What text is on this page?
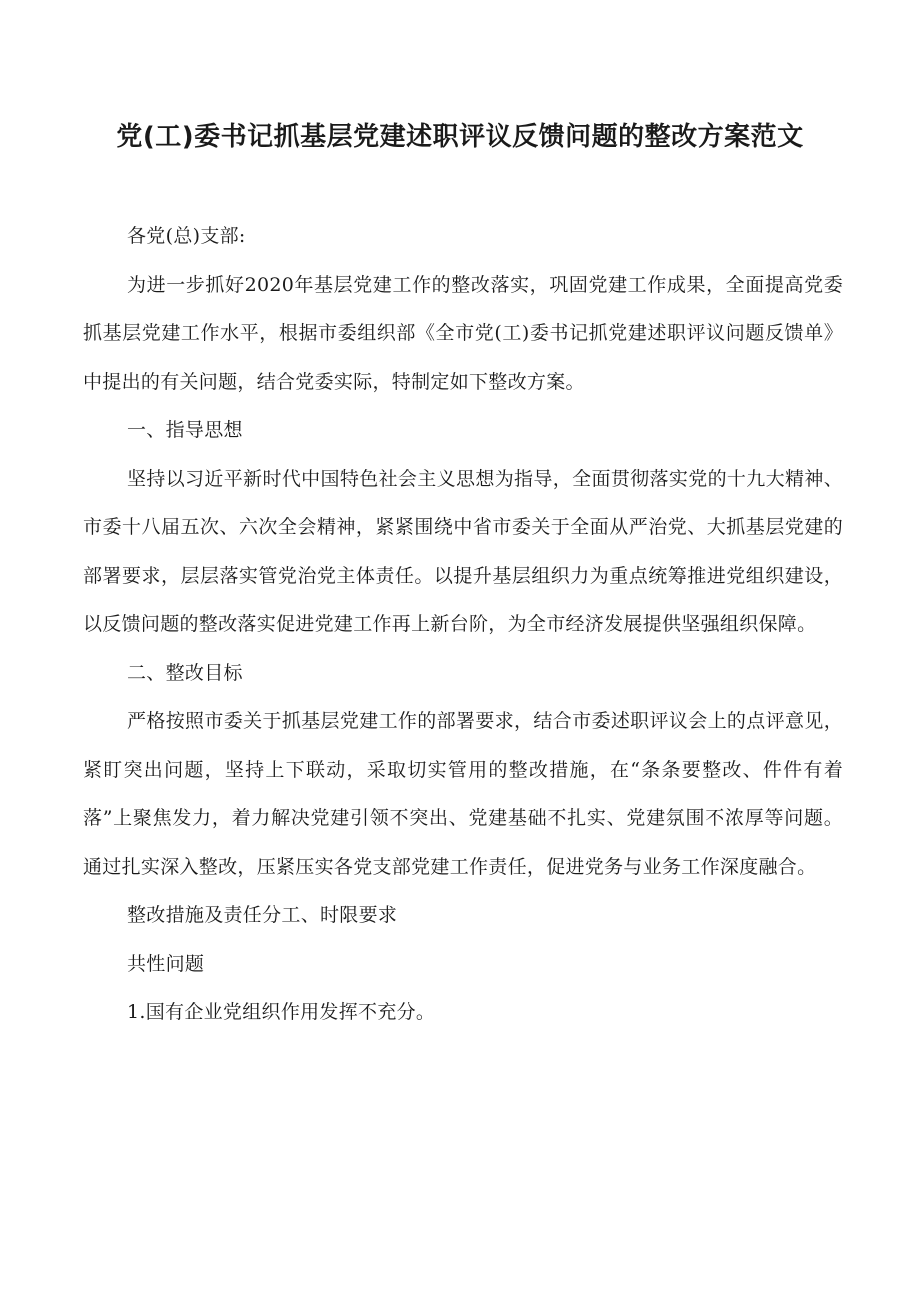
党(工)委书记抓基层党建述职评议反馈问题的整改方案范文

各党(总)支部:

为进一步抓好2020年基层党建工作的整改落实，巩固党建工作成果，全面提高党委抓基层党建工作水平，根据市委组织部《全市党(工)委书记抓党建述职评议问题反馈单》中提出的有关问题，结合党委实际，特制定如下整改方案。

一、指导思想

坚持以习近平新时代中国特色社会主义思想为指导，全面贯彻落实党的十九大精神、市委十八届五次、六次全会精神，紧紧围绕中省市委关于全面从严治党、大抓基层党建的部署要求，层层落实管党治党主体责任。以提升基层组织力为重点统筹推进党组织建设，以反馈问题的整改落实促进党建工作再上新台阶，为全市经济发展提供坚强组织保障。

二、整改目标

严格按照市委关于抓基层党建工作的部署要求，结合市委述职评议会上的点评意见，紧盯突出问题，坚持上下联动，采取切实管用的整改措施，在“条条要整改、件件有着落”上聚焦发力，着力解决党建引领不突出、党建基础不扎实、党建氛围不浓厚等问题。通过扎实深入整改，压紧压实各党支部党建工作责任，促进党务与业务工作深度融合。

整改措施及责任分工、时限要求

共性问题

1.国有企业党组织作用发挥不充分。
